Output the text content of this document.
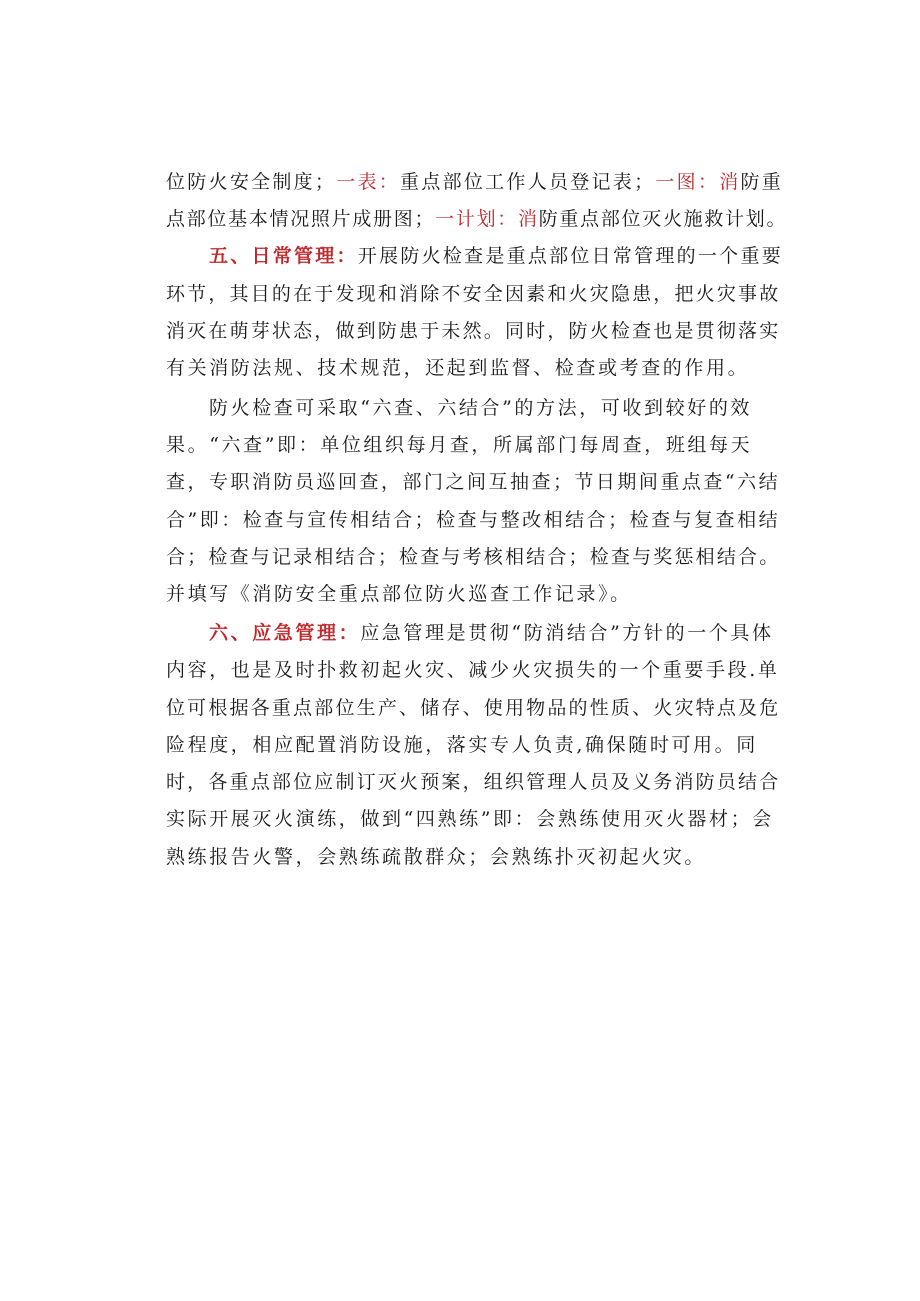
位防火安全制度；一表：重点部位工作人员登记表；一图：消防重
点部位基本情况照片成册图；一计划：消防重点部位灭火施救计划。
五、日常管理：开展防火检查是重点部位日常管理的一个重要
环节，其目的在于发现和消除不安全因素和火灾隐患，把火灾事故
消灭在萌芽状态，做到防患于未然。同时，防火检查也是贯彻落实
有关消防法规、技术规范，还起到监督、检查或考查的作用。
防火检查可采取“六查、六结合”的方法，可收到较好的效
果。“六查”即：单位组织每月查，所属部门每周查，班组每天
查，专职消防员巡回查，部门之间互抽查；节日期间重点查“六结
合”即：检查与宣传相结合；检查与整改相结合；检查与复查相结
合；检查与记录相结合；检查与考核相结合；检查与奖惩相结合。
并填写《消防安全重点部位防火巡查工作记录》。
六、应急管理：应急管理是贯彻“防消结合”方针的一个具体
内容，也是及时扑救初起火灾、减少火灾损失的一个重要手段.单
位可根据各重点部位生产、储存、使用物品的性质、火灾特点及危
险程度，相应配置消防设施，落实专人负责,确保随时可用。同
时，各重点部位应制订灭火预案，组织管理人员及义务消防员结合
实际开展灭火演练，做到“四熟练”即：会熟练使用灭火器材；会
熟练报告火警，会熟练疏散群众；会熟练扑灭初起火灾。
